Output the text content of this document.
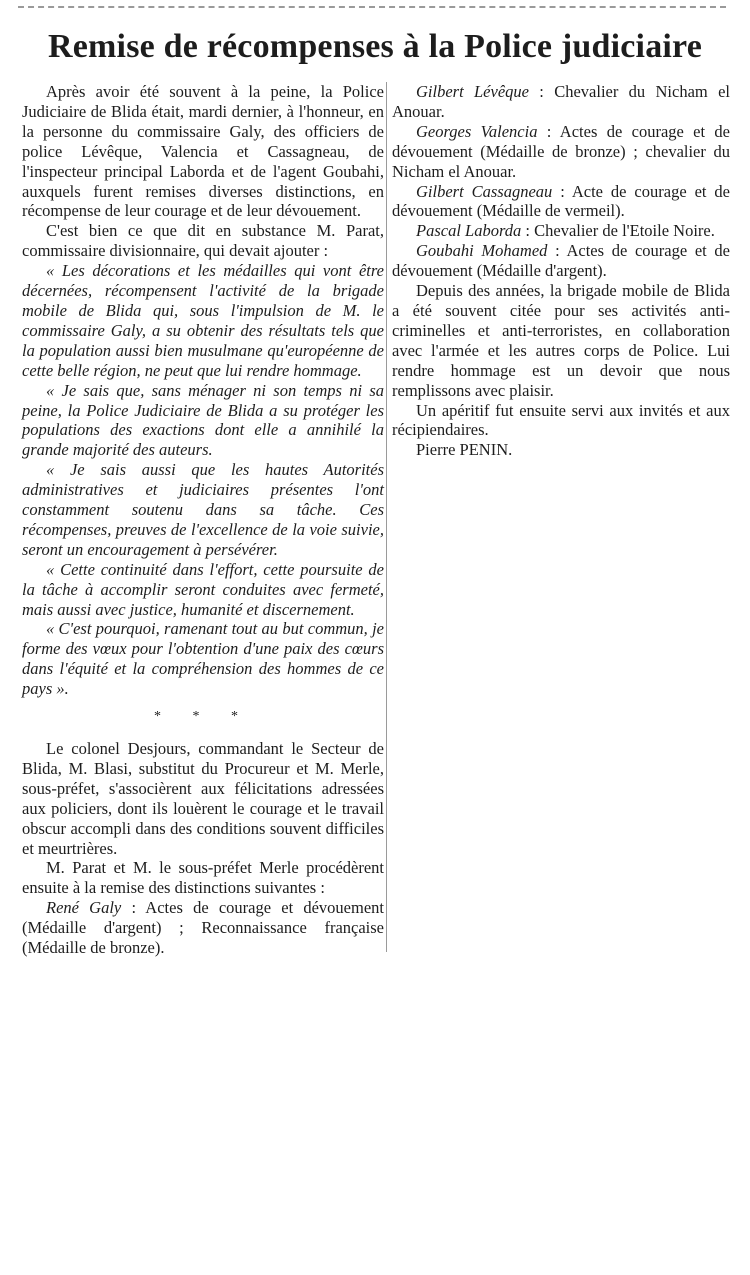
Remise de récompenses à la Police judiciaire

Après avoir été souvent à la peine, la Police Judiciaire de Blida était, mardi dernier, à l'honneur, en la personne du commissaire Galy, des officiers de police Lévêque, Valencia et Cassagneau, de l'inspecteur principal Laborda et de l'agent Goubahi, auxquels furent remises diverses distinctions, en récompense de leur courage et de leur dévouement.

C'est bien ce que dit en substance M. Parat, commissaire divisionnaire, qui devait ajouter :

« Les décorations et les médailles qui vont être décernées, récompensent l'activité de la brigade mobile de Blida qui, sous l'impulsion de M. le commissaire Galy, a su obtenir des résultats tels que la population aussi bien musulmane qu'européenne de cette belle région, ne peut que lui rendre hommage.

« Je sais que, sans ménager ni son temps ni sa peine, la Police Judiciaire de Blida a su protéger les populations des exactions dont elle a annihilé la grande majorité des auteurs.

« Je sais aussi que les hautes Autorités administratives et judiciaires présentes l'ont constamment soutenu dans sa tâche. Ces récompenses, preuves de l'excellence de la voie suivie, seront un encouragement à persévérer.

« Cette continuité dans l'effort, cette poursuite de la tâche à accomplir seront conduites avec fermeté, mais aussi avec justice, humanité et discernement.

« C'est pourquoi, ramenant tout au but commun, je forme des vœux pour l'obtention d'une paix des cœurs dans l'équité et la compréhension des hommes de ce pays ».

* * *

Le colonel Desjours, commandant le Secteur de Blida, M. Blasi, substitut du Procureur et M. Merle, sous-préfet, s'associèrent aux félicitations adressées aux policiers, dont ils louèrent le courage et le travail obscur accompli dans des conditions souvent difficiles et meurtrières.

M. Parat et M. le sous-préfet Merle procédèrent ensuite à la remise des distinctions suivantes :

René Galy : Actes de courage et dévouement (Médaille d'argent) ; Reconnaissance française (Médaille de bronze).

Gilbert Lévêque : Chevalier du Nicham el Anouar.

Georges Valencia : Actes de courage et de dévouement (Médaille de bronze) ; chevalier du Nicham el Anouar.

Gilbert Cassagneau : Acte de courage et de dévouement (Médaille de vermeil).

Pascal Laborda : Chevalier de l'Etoile Noire.

Goubahi Mohamed : Actes de courage et de dévouement (Médaille d'argent).

Depuis des années, la brigade mobile de Blida a été souvent citée pour ses activités anti-criminelles et anti-terroristes, en collaboration avec l'armée et les autres corps de Police. Lui rendre hommage est un devoir que nous remplissons avec plaisir.

Un apéritif fut ensuite servi aux invités et aux récipiendaires.

Pierre PENIN.
